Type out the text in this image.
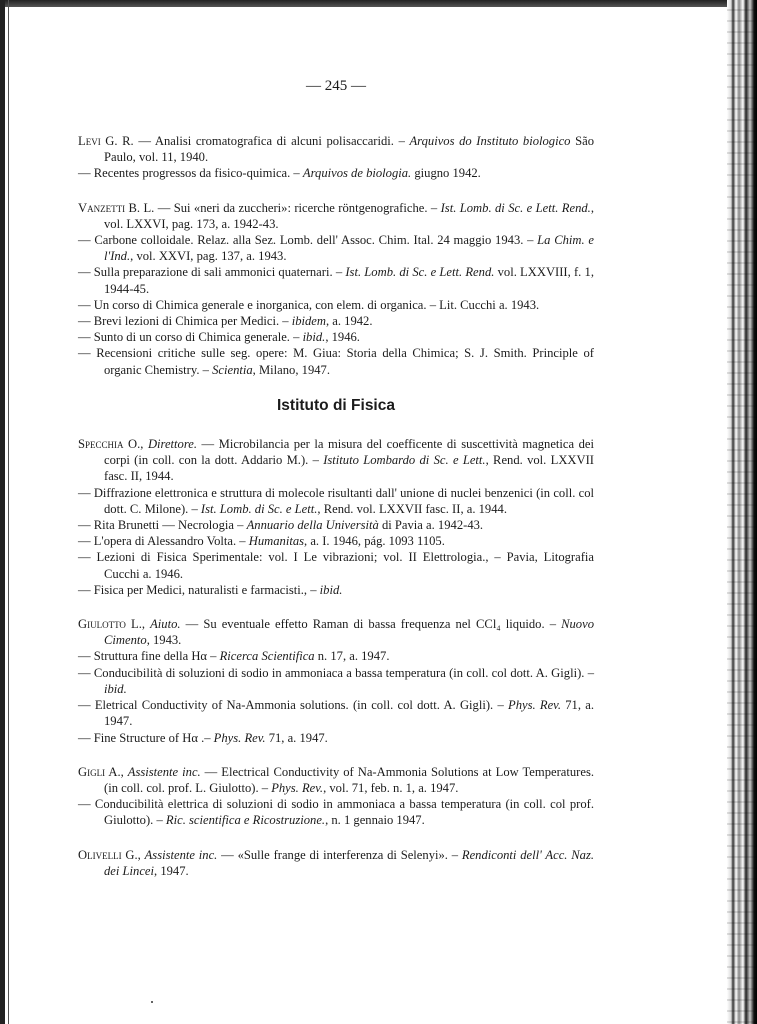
— 245 —
Levi G. R. — Analisi cromatografica di alcuni polisaccaridi. – Arquivos do Instituto biologico São Paulo, vol. 11, 1940.
— Recentes progressos da fisico-quimica. – Arquivos de biologia. giugno 1942.
Vanzetti B. L. — Sui «neri da zuccheri»: ricerche röntgenografiche. – Ist. Lomb. di Sc. e Lett. Rend., vol. LXXVI, pag. 173, a. 1942-43.
— Carbone colloidale. Relaz. alla Sez. Lomb. dell' Assoc. Chim. Ital. 24 maggio 1943. – La Chim. e l'Ind., vol. XXVI, pag. 137, a. 1943.
— Sulla preparazione di sali ammonici quaternari. – Ist. Lomb. di Sc. e Lett. Rend. vol. LXXVIII, f. 1, 1944-45.
— Un corso di Chimica generale e inorganica, con elem. di organica. – Lit. Cucchi a. 1943.
— Brevi lezioni di Chimica per Medici. – ibidem, a. 1942.
— Sunto di un corso di Chimica generale. – ibid., 1946.
— Recensioni critiche sulle seg. opere: M. Giua: Storia della Chimica; S. J. Smith. Principle of organic Chemistry. – Scientia, Milano, 1947.
Istituto di Fisica
Specchia O., Direttore. — Microbilancia per la misura del coefficente di suscettività magnetica dei corpi (in coll. con la dott. Addario M.). – Istituto Lombardo di Sc. e Lett., Rend. vol. LXXVII fasc. II, 1944.
— Diffrazione elettronica e struttura di molecole risultanti dall' unione di nuclei benzenici (in coll. col dott. C. Milone). – Ist. Lomb. di Sc. e Lett., Rend. vol. LXXVII fasc. II, a. 1944.
— Rita Brunetti — Necrologia – Annuario della Università di Pavia a. 1942-43.
— L'opera di Alessandro Volta. – Humanitas, a. I. 1946, pág. 1093 1105.
— Lezioni di Fisica Sperimentale: vol. I Le vibrazioni; vol. II Elettrologia., – Pavia, Litografia Cucchi a. 1946.
— Fisica per Medici, naturalisti e farmacisti., – ibid.
Giulotto L., Aiuto. — Su eventuale effetto Raman di bassa frequenza nel CCl₄ liquido. – Nuovo Cimento, 1943.
— Struttura fine della Hα – Ricerca Scientifica n. 17, a. 1947.
— Conducibilità di soluzioni di sodio in ammoniaca a bassa temperatura (in coll. col dott. A. Gigli). – ibid.
— Eletrical Conductivity of Na-Ammonia solutions. (in coll. col dott. A. Gigli). – Phys. Rev. 71, a. 1947.
— Fine Structure of Hα .– Phys. Rev. 71, a. 1947.
Gigli A., Assistente inc. — Electrical Conductivity of Na-Ammonia Solutions at Low Temperatures. (in coll. col. prof. L. Giulotto). – Phys. Rev., vol. 71, feb. n. 1, a. 1947.
— Conducibilità elettrica di soluzioni di sodio in ammoniaca a bassa temperatura (in coll. col prof. Giulotto). – Ric. scientifica e Ricostruzione., n. 1 gennaio 1947.
Olivelli G., Assistente inc. — «Sulle frange di interferenza di Selenyi». – Rendiconti dell' Acc. Naz. dei Lincei, 1947.
